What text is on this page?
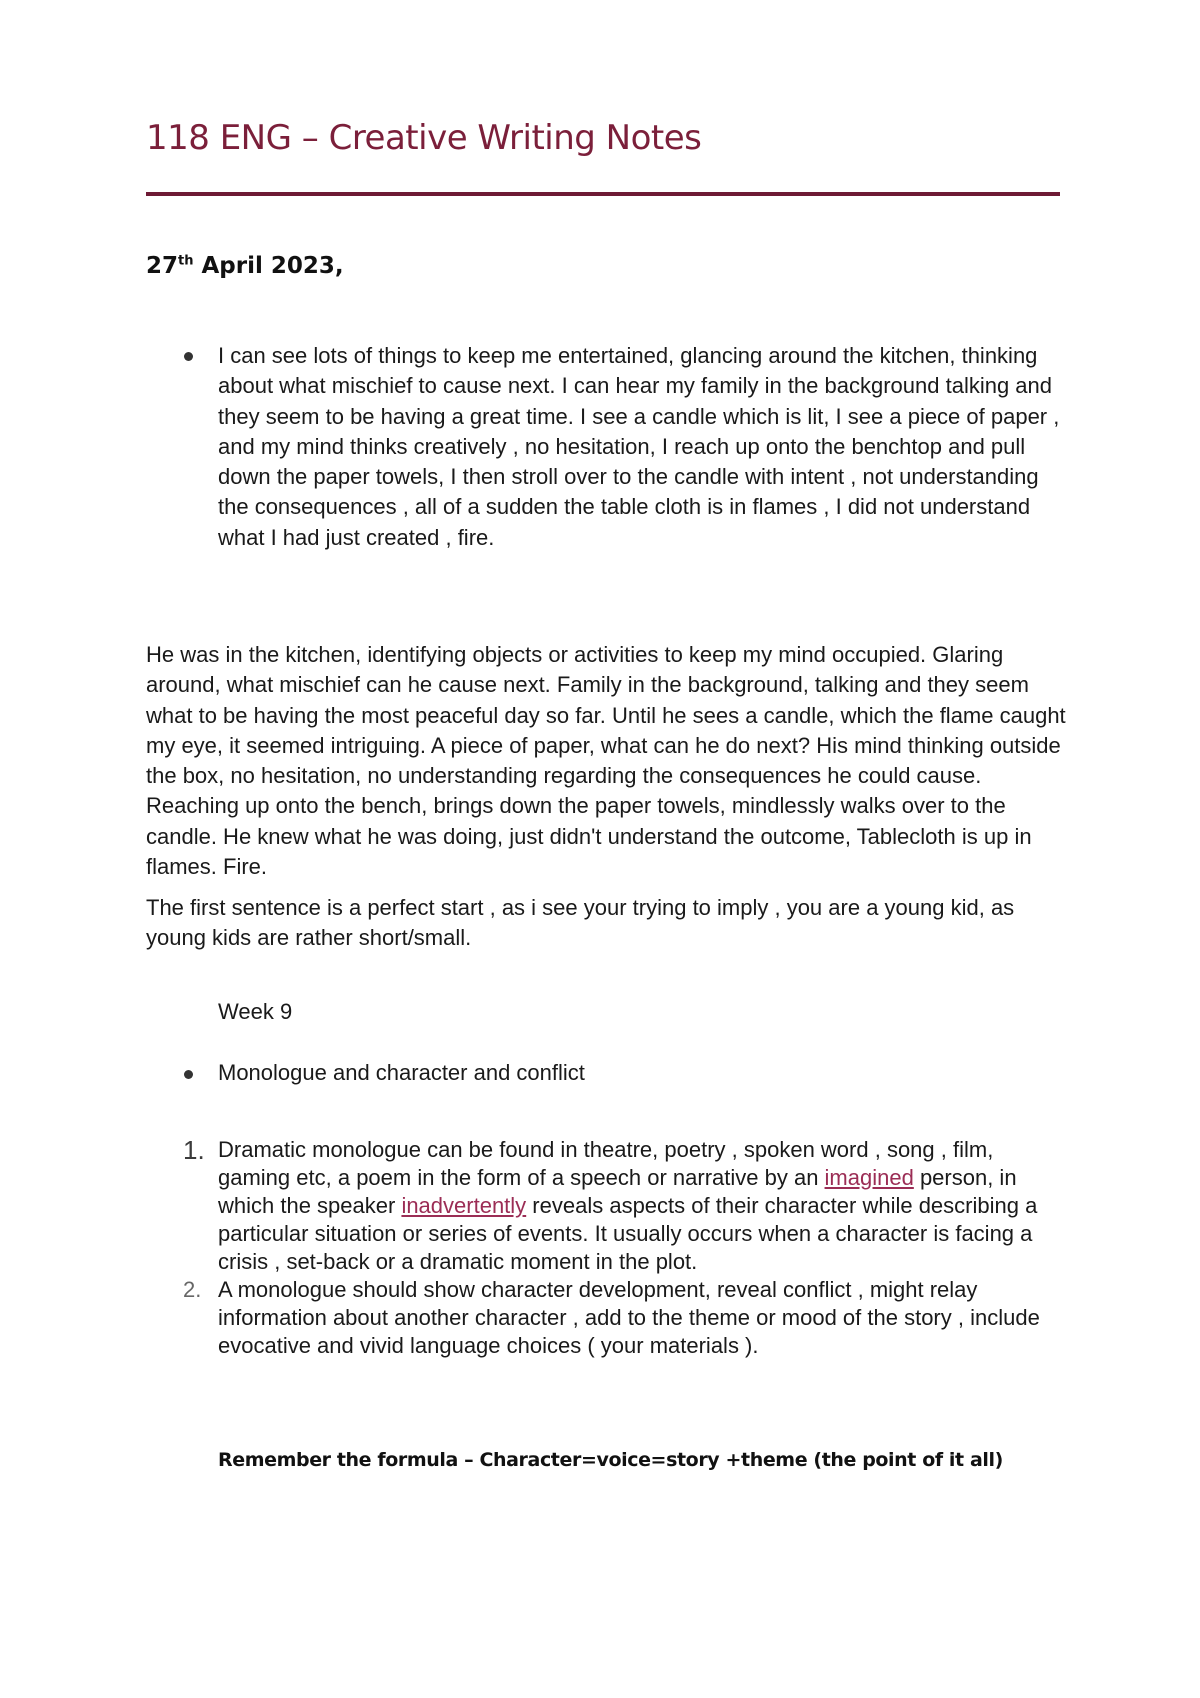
118 ENG – Creative Writing Notes

27th April 2023,

I can see lots of things to keep me entertained, glancing around the kitchen, thinking about what mischief to cause next. I can hear my family in the background talking and they seem to be having a great time. I see a candle which is lit, I see a piece of paper , and my mind thinks creatively , no hesitation, I reach up onto the benchtop and pull down the paper towels, I then stroll over to the candle with intent , not understanding the consequences , all of a sudden the table cloth is in flames , I did not understand what I had just created , fire.

He was in the kitchen, identifying objects or activities to keep my mind occupied. Glaring around, what mischief can he cause next. Family in the background, talking and they seem what to be having the most peaceful day so far. Until he sees a candle, which the flame caught my eye, it seemed intriguing. A piece of paper, what can he do next? His mind thinking outside the box, no hesitation, no understanding regarding the consequences he could cause. Reaching up onto the bench, brings down the paper towels, mindlessly walks over to the candle. He knew what he was doing, just didn't understand the outcome, Tablecloth is up in flames. Fire.

The first sentence is a perfect start , as i see your trying to imply , you are a young kid, as young kids are rather short/small.

Week 9

Monologue and character and conflict
1. Dramatic monologue can be found in theatre, poetry , spoken word , song , film, gaming etc, a poem in the form of a speech or narrative by an imagined person, in which the speaker inadvertently reveals aspects of their character while describing a particular situation or series of events. It usually occurs when a character is facing a crisis , set-back or a dramatic moment in the plot.
2. A monologue should show character development, reveal conflict , might relay information about another character , add to the theme or mood of the story , include evocative and vivid language choices ( your materials ).

Remember the formula – Character=voice=story +theme (the point of it all)
